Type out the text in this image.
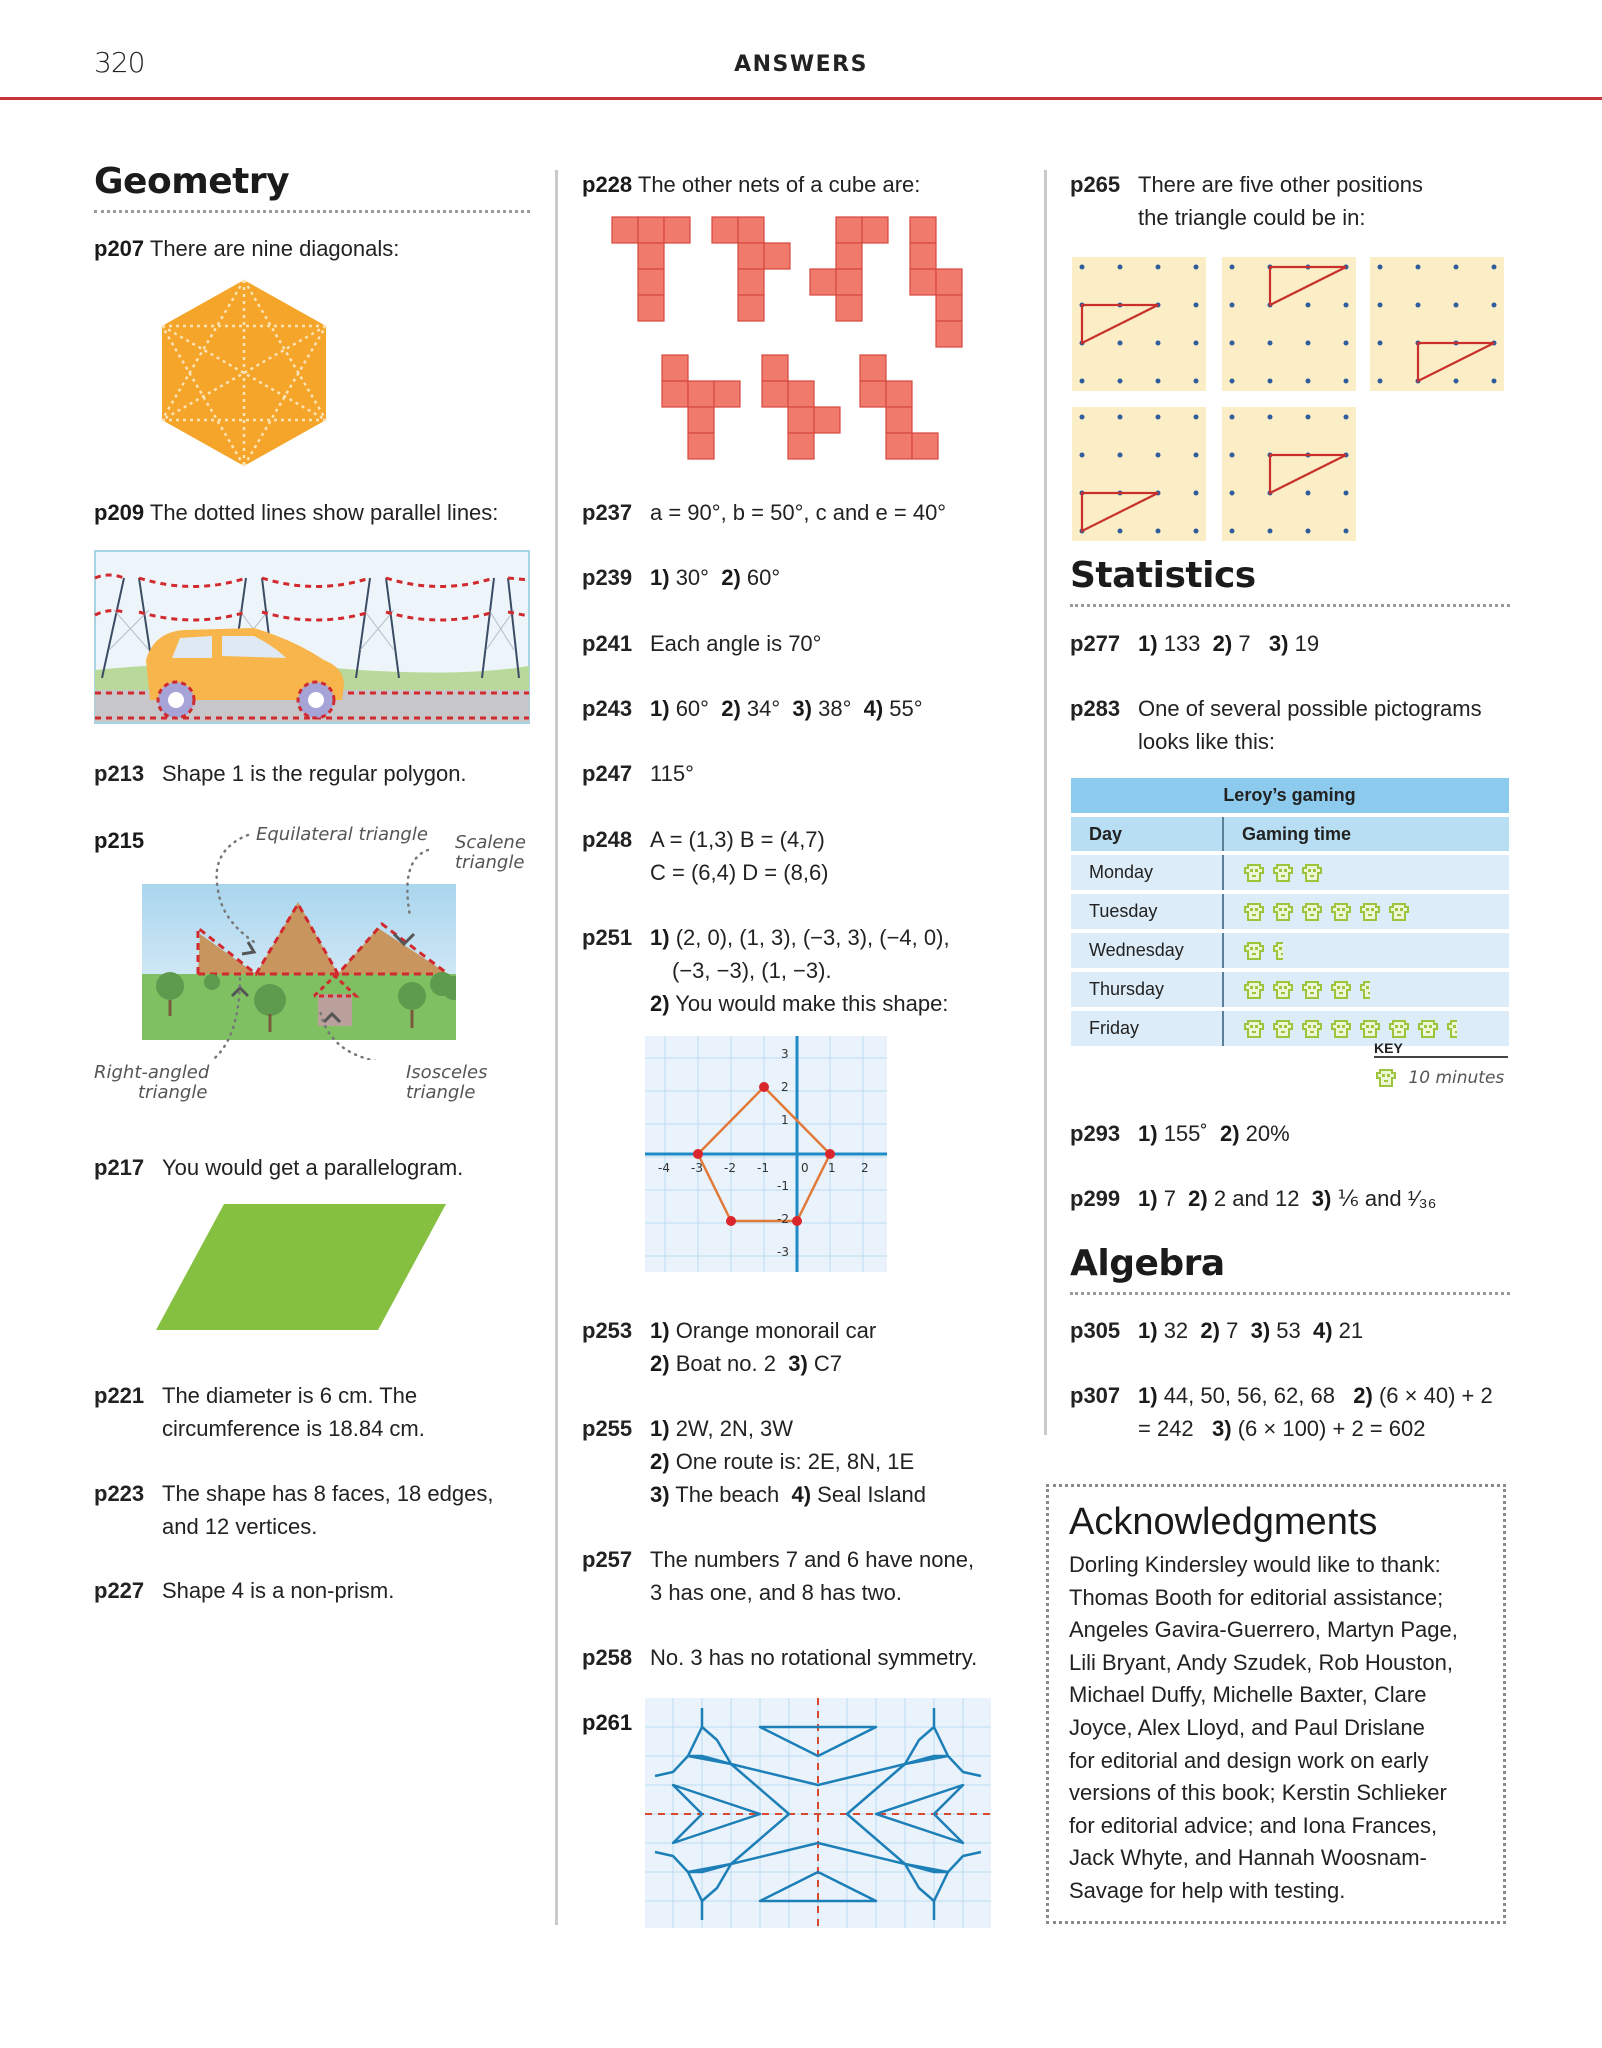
320	ANSWERS
Geometry
p207 There are nine diagonals:
p209 The dotted lines show parallel lines:
p213 Shape 1 is the regular polygon.
p215	Equilateral triangle Scalene
triangle
Right-angled
triangle
Isosceles
triangle
p217 You would get a parallelogram.
p221 The diameter is 6 cm. The
circumference is 18.84 cm.
p223 The shape has 8 faces, 18 edges,
and 12 vertices.
p227 Shape 4 is a non-prism.
p228 The other nets of a cube are:
p237 a = 90°, b = 50°, c and e = 40°
p239 1) 30° 2) 60°
p241 Each angle is 70°
p243 1) 60° 2) 34° 3) 38° 4) 55°
p247 115°
p248 A = (1,3) B = (4,7)
C = (6,4) D = (8,6)
p251 1) (2, 0), (1, 3), (−3, 3), (−4, 0),
(−3, −3), (1, −3).
2) You would make this shape:
-4 -3 -2 -1	0 1 2
3
2
1
-1
-2
-3
p253 1) Orange monorail car
2) Boat no. 2 3) C7
p255 1) 2W, 2N, 3W
2) One route is: 2E, 8N, 1E
3) The beach 4) Seal Island
p257 The numbers 7 and 6 have none,
3 has one, and 8 has two.
p258 No. 3 has no rotational symmetry.
p261
p265 There are five other positions
the triangle could be in:
Statistics
p277 1) 133 2) 7 3) 19
p283 One of several possible pictograms
looks like this:
Leroy’s gaming	
Day	Gaming time
Monday	
Tuesday	
Wednesday	
Thursday	
Friday	
KEY
10 minutes
p293 1) 155˚ 2) 20%
p299 1) 7 2) 2 and 12 3) ⅙ and ¹⁄₃₆
Algebra
p305 1) 32 2) 7 3) 53 4) 21
p307 1) 44, 50, 56, 62, 68 2) (6 × 40) + 2
= 242 3) (6 × 100) + 2 = 602
Acknowledgments

Dorling Kindersley would like to thank:
Thomas Booth for editorial assistance;
Angeles Gavira-Guerrero, Martyn Page,
Lili Bryant, Andy Szudek, Rob Houston,
Michael Duffy, Michelle Baxter, Clare
Joyce, Alex Lloyd, and Paul Drislane
for editorial and design work on early
versions of this book; Kerstin Schlieker
for editorial advice; and Iona Frances,
Jack Whyte, and Hannah Woosnam-
Savage for help with testing.
